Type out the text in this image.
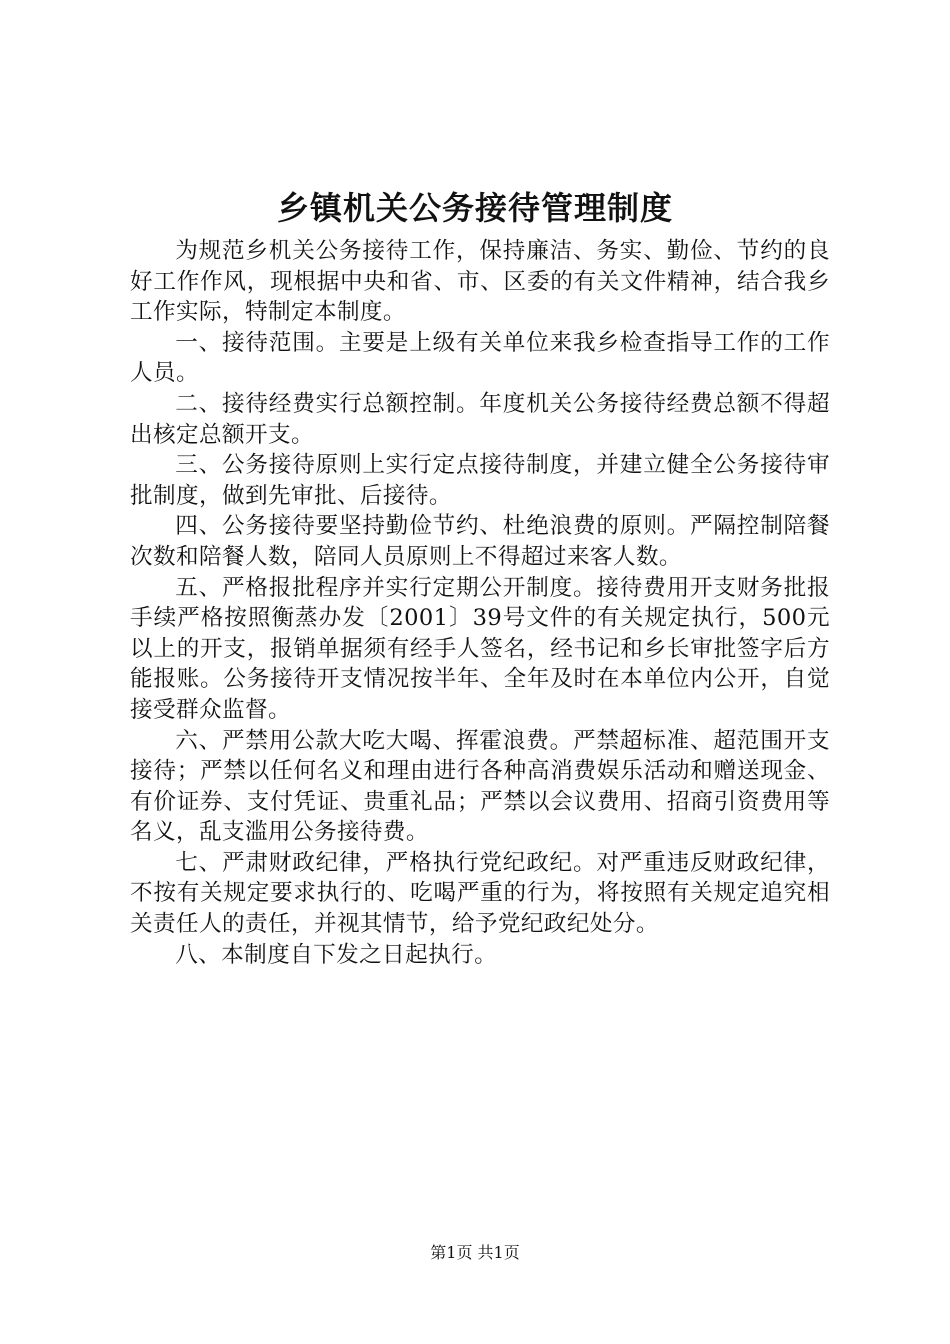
乡镇机关公务接待管理制度

为规范乡机关公务接待工作，保持廉洁、务实、勤俭、节约的良好工作作风，现根据中央和省、市、区委的有关文件精神，结合我乡工作实际，特制定本制度。

一、接待范围。主要是上级有关单位来我乡检查指导工作的工作人员。

二、接待经费实行总额控制。年度机关公务接待经费总额不得超出核定总额开支。

三、公务接待原则上实行定点接待制度，并建立健全公务接待审批制度，做到先审批、后接待。

四、公务接待要坚持勤俭节约、杜绝浪费的原则。严隔控制陪餐次数和陪餐人数，陪同人员原则上不得超过来客人数。

五、严格报批程序并实行定期公开制度。接待费用开支财务批报手续严格按照衡蒸办发〔2001〕39号文件的有关规定执行，500元以上的开支，报销单据须有经手人签名，经书记和乡长审批签字后方能报账。公务接待开支情况按半年、全年及时在本单位内公开，自觉接受群众监督。

六、严禁用公款大吃大喝、挥霍浪费。严禁超标准、超范围开支接待；严禁以任何名义和理由进行各种高消费娱乐活动和赠送现金、有价证券、支付凭证、贵重礼品；严禁以会议费用、招商引资费用等名义，乱支滥用公务接待费。

七、严肃财政纪律，严格执行党纪政纪。对严重违反财政纪律，不按有关规定要求执行的、吃喝严重的行为，将按照有关规定追究相关责任人的责任，并视其情节，给予党纪政纪处分。

八、本制度自下发之日起执行。

第1页 共1页
